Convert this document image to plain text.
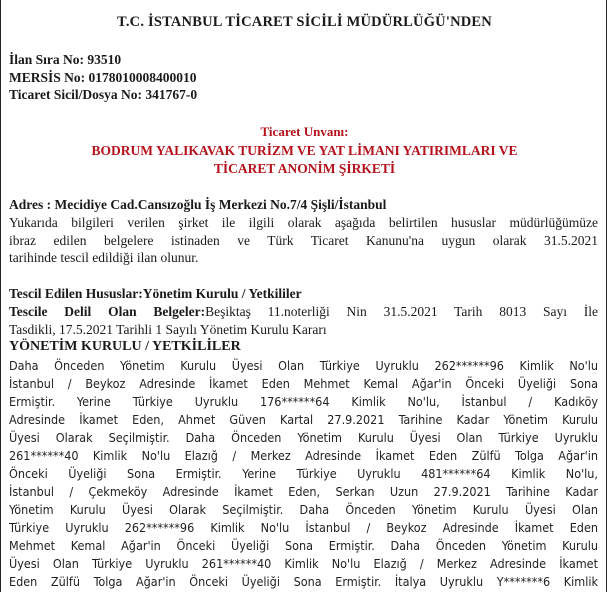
T.C. İSTANBUL TİCARET SİCİLİ MÜDÜRLÜĞÜ'NDEN
İlan Sıra No: 93510
MERSİS No: 0178010008400010
Ticaret Sicil/Dosya No: 341767-0
Ticaret Unvanı:
BODRUM YALIKAVAK TURİZM VE YAT LİMANI YATIRIMLARI VE
TİCARET ANONİM ŞİRKETİ
Adres : Mecidiye Cad.Cansızoğlu İş Merkezi No.7/4 Şişli/İstanbul
Yukarıda bilgileri verilen şirket ile ilgili olarak aşağıda belirtilen hususlar müdürlüğümüze
ibraz edilen belgelere istinaden ve Türk Ticaret Kanunu'na uygun olarak 31.5.2021
tarihinde tescil edildiği ilan olunur.
Tescil Edilen Hususlar:Yönetim Kurulu / Yetkililer
Tescile Delil Olan Belgeler:Beşiktaş 11.noterliği Nin 31.5.2021 Tarih 8013 Sayı İle
Tasdikli, 17.5.2021 Tarihli 1 Sayılı Yönetim Kurulu Kararı
YÖNETİM KURULU / YETKİLİLER
Daha Önceden Yönetim Kurulu Üyesi Olan Türkiye Uyruklu 262******96 Kimlik No'lu
İstanbul / Beykoz Adresinde İkamet Eden Mehmet Kemal Ağar'in Önceki Üyeliği Sona
Ermiştir. Yerine Türkiye Uyruklu 176******64 Kimlik No'lu, İstanbul / Kadıköy
Adresinde İkamet Eden, Ahmet Güven Kartal 27.9.2021 Tarihine Kadar Yönetim Kurulu
Üyesi Olarak Seçilmiştir. Daha Önceden Yönetim Kurulu Üyesi Olan Türkiye Uyruklu
261******40 Kimlik No'lu Elazığ / Merkez Adresinde İkamet Eden Zülfü Tolga Ağar'in
Önceki Üyeliği Sona Ermiştir. Yerine Türkiye Uyruklu 481******64 Kimlik No'lu,
İstanbul / Çekmeköy Adresinde İkamet Eden, Serkan Uzun 27.9.2021 Tarihine Kadar
Yönetim Kurulu Üyesi Olarak Seçilmiştir. Daha Önceden Yönetim Kurulu Üyesi Olan
Türkiye Uyruklu 262******96 Kimlik No'lu İstanbul / Beykoz Adresinde İkamet Eden
Mehmet Kemal Ağar'in Önceki Üyeliği Sona Ermiştir. Daha Önceden Yönetim Kurulu
Üyesi Olan Türkiye Uyruklu 261******40 Kimlik No'lu Elazığ / Merkez Adresinde İkamet
Eden Zülfü Tolga Ağar'in Önceki Üyeliği Sona Ermiştir. İtalya Uyruklu Y*******6 Kimlik
